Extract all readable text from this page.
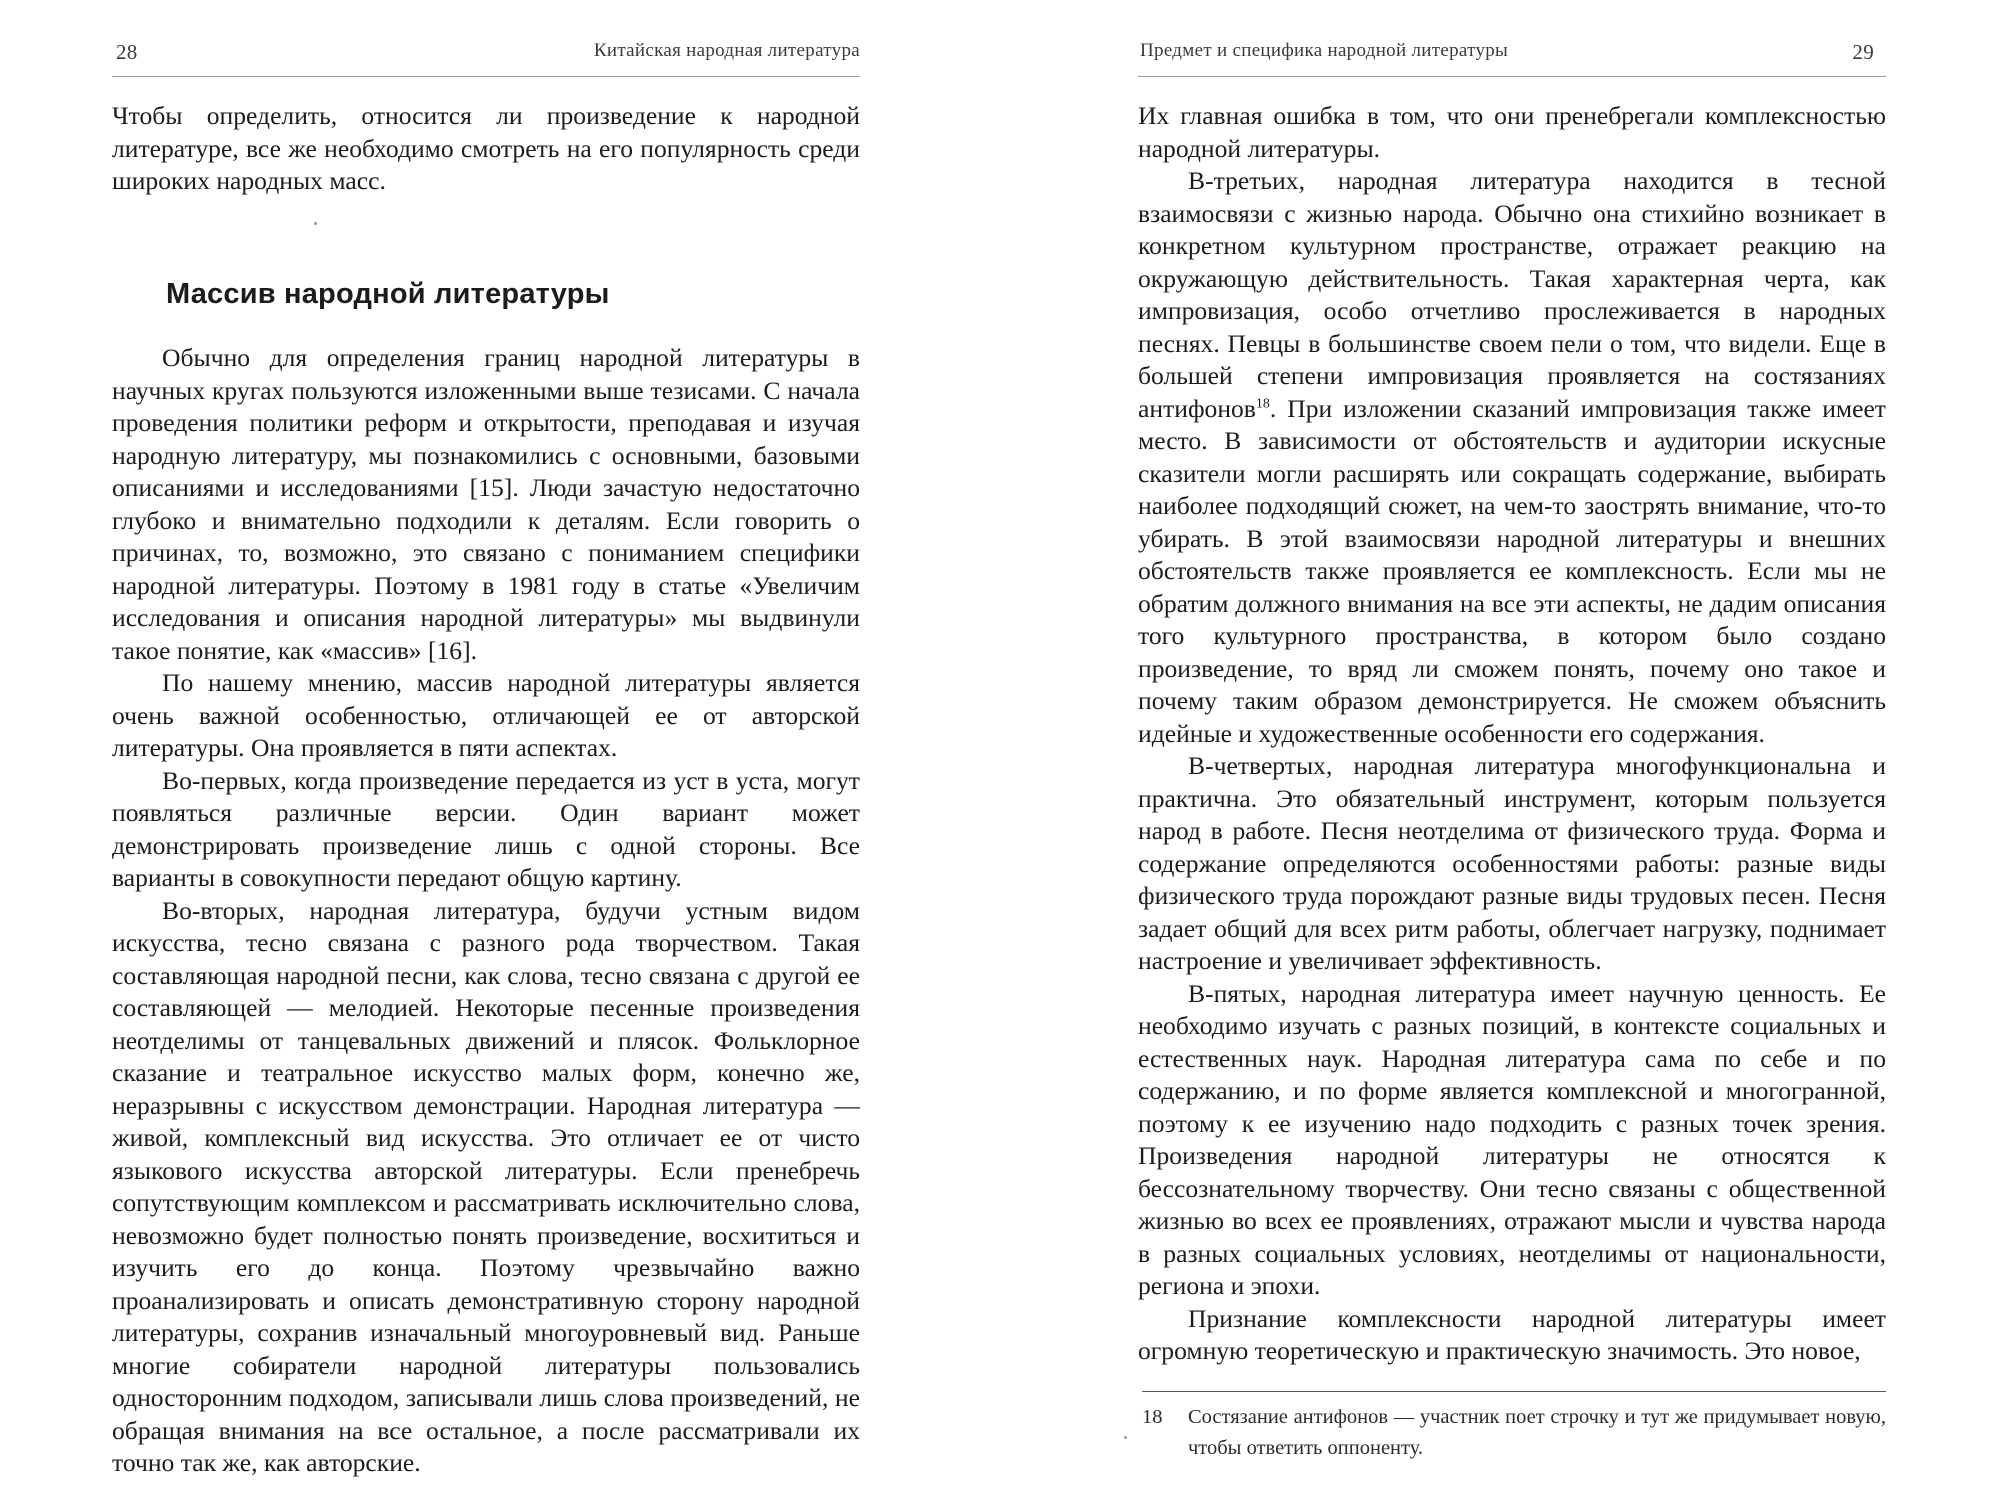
28	Китайская народная литература

Чтобы определить, относится ли произведение к народной литературе, все же необходимо смотреть на его популярность среди широких народных масс.

Массив народной литературы

Обычно для определения границ народной литературы в научных кругах пользуются изложенными выше тезисами. С начала проведения политики реформ и открытости, преподавая и изучая народную литературу, мы познакомились с основными, базовыми описаниями и исследованиями [15]. Люди зачастую недостаточно глубоко и внимательно подходили к деталям. Если говорить о причинах, то, возможно, это связано с пониманием специфики народной литературы. Поэтому в 1981 году в статье «Увеличим исследования и описания народной литературы» мы выдвинули такое понятие, как «массив» [16].

По нашему мнению, массив народной литературы является очень важной особенностью, отличающей ее от авторской литературы. Она проявляется в пяти аспектах.

Во-первых, когда произведение передается из уст в уста, могут появляться различные версии. Один вариант может демонстрировать произведение лишь с одной стороны. Все варианты в совокупности передают общую картину.

Во-вторых, народная литература, будучи устным видом искусства, тесно связана с разного рода творчеством. Такая составляющая народной песни, как слова, тесно связана с другой ее составляющей — мелодией. Некоторые песенные произведения неотделимы от танцевальных движений и плясок. Фольклорное сказание и театральное искусство малых форм, конечно же, неразрывны с искусством демонстрации. Народная литература — живой, комплексный вид искусства. Это отличает ее от чисто языкового искусства авторской литературы. Если пренебречь сопутствующим комплексом и рассматривать исключительно слова, невозможно будет полностью понять произведение, восхититься и изучить его до конца. Поэтому чрезвычайно важно проанализировать и описать демонстративную сторону народной литературы, сохранив изначальный многоуровневый вид. Раньше многие собиратели народной литературы пользовались односторонним подходом, записывали лишь слова произведений, не обращая внимания на все остальное, а после рассматривали их точно так же, как авторские.

Предмет и специфика народной литературы	29

Их главная ошибка в том, что они пренебрегали комплексностью народной литературы.

В-третьих, народная литература находится в тесной взаимосвязи с жизнью народа. Обычно она стихийно возникает в конкретном культурном пространстве, отражает реакцию на окружающую действительность. Такая характерная черта, как импровизация, особо отчетливо прослеживается в народных песнях. Певцы в большинстве своем пели о том, что видели. Еще в большей степени импровизация проявляется на состязаниях антифонов$^{18}$. При изложении сказаний импровизация также имеет место. В зависимости от обстоятельств и аудитории искусные сказители могли расширять или сокращать содержание, выбирать наиболее подходящий сюжет, на чем-то заострять внимание, что-то убирать. В этой взаимосвязи народной литературы и внешних обстоятельств также проявляется ее комплексность. Если мы не обратим должного внимания на все эти аспекты, не дадим описания того культурного пространства, в котором было создано произведение, то вряд ли сможем понять, почему оно такое и почему таким образом демонстрируется. Не сможем объяснить идейные и художественные особенности его содержания.

В-четвертых, народная литература многофункциональна и практична. Это обязательный инструмент, которым пользуется народ в работе. Песня неотделима от физического труда. Форма и содержание определяются особенностями работы: разные виды физического труда порождают разные виды трудовых песен. Песня задает общий для всех ритм работы, облегчает нагрузку, поднимает настроение и увеличивает эффективность.

В-пятых, народная литература имеет научную ценность. Ее необходимо изучать с разных позиций, в контексте социальных и естественных наук. Народная литература сама по себе и по содержанию, и по форме является комплексной и многогранной, поэтому к ее изучению надо подходить с разных точек зрения. Произведения народной литературы не относятся к бессознательному творчеству. Они тесно связаны с общественной жизнью во всех ее проявлениях, отражают мысли и чувства народа в разных социальных условиях, неотделимы от национальности, региона и эпохи.

Признание комплексности народной литературы имеет огромную теоретическую и практическую значимость. Это новое,

18	Состязание антифонов — участник поет строчку и тут же придумывает новую, чтобы ответить оппоненту.
